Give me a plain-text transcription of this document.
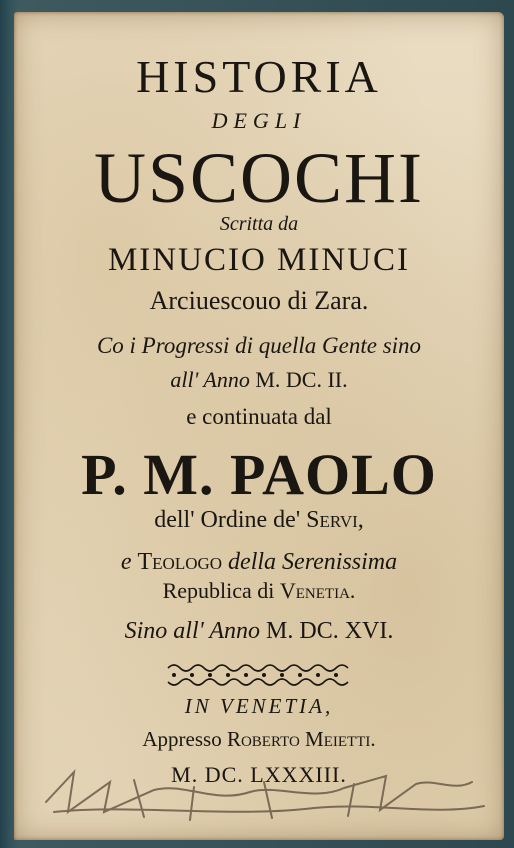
HISTORIA
DEGLI
USCOCHI
Scritta da
MINUCIO MINUCI
Arciuescouo di Zara.
Co i Progressi di quella Gente sino
all' Anno M. DC. II.
e continuata dal
P. M. PAOLO
dell' Ordine de' Servi,
e Teologo della Serenissima
Republica di Venetia.
Sino all' Anno M. DC. XVI.
IN VENETIA,
Appresso Roberto Meietti.
M. DC. LXXXIII.
